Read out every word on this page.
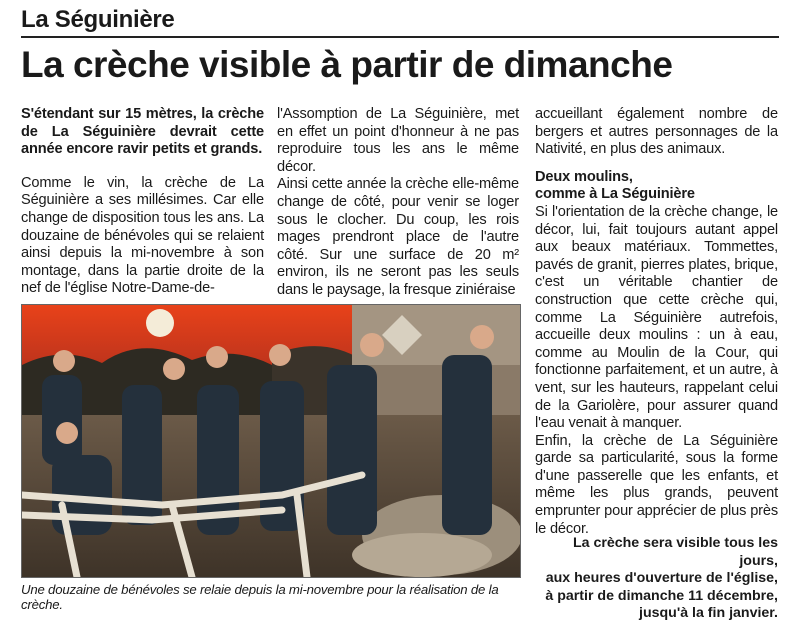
La Séguinière
La crèche visible à partir de dimanche

S'étendant sur 15 mètres, la crèche de La Séguinière devrait cette année encore ravir petits et grands.

Comme le vin, la crèche de La Séguinière a ses millésimes. Car elle change de disposition tous les ans. La douzaine de bénévoles qui se relaient ainsi depuis la mi-novembre à son montage, dans la partie droite de la nef de l'église Notre-Dame-de-

l'Assomption de La Séguinière, met en effet un point d'honneur à ne pas reproduire tous les ans le même décor.

Ainsi cette année la crèche elle-même change de côté, pour venir se loger sous le clocher. Du coup, les rois mages prendront place de l'autre côté. Sur une surface de 20 m² environ, ils ne seront pas les seuls dans le paysage, la fresque ziniéraise

accueillant également nombre de bergers et autres personnages de la Nativité, en plus des animaux.

Deux moulins,
comme à La Séguinière

Si l'orientation de la crèche change, le décor, lui, fait toujours autant appel aux beaux matériaux. Tommettes, pavés de granit, pierres plates, brique, c'est un véritable chantier de construction que cette crèche qui, comme La Séguinière autrefois, accueille deux moulins : un à eau, comme au Moulin de la Cour, qui fonctionne parfaitement, et un autre, à vent, sur les hauteurs, rappelant celui de la Gariolère, pour assurer quand l'eau venait à manquer.

Enfin, la crèche de La Séguinière garde sa particularité, sous la forme d'une passerelle que les enfants, et même les plus grands, peuvent emprunter pour apprécier de plus près le décor.

La crèche sera visible tous les jours,
aux heures d'ouverture de l'église,
à partir de dimanche 11 décembre,
jusqu'à la fin janvier.
Une douzaine de bénévoles se relaie depuis la mi-novembre pour la réalisation de la crèche.
